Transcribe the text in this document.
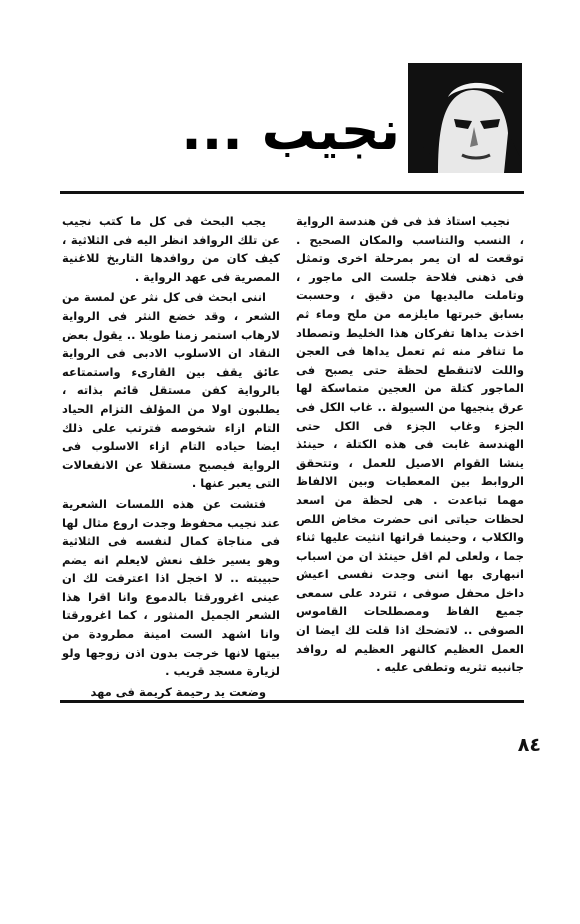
نجيب ...

نجيب استاذ فذ فى فن هندسة الرواية ، النسب والتناسب والمكان الصحيح . توقعت له ان يمر بمرحلة اخرى وتمثل فى ذهنى فلاحة جلست الى ماجور ، وتاملت ماليديها من دقيق ، وحسبت بسابق خبرتها مايلزمه من ملح وماء ثم اخذت يداها تفركان هذا الخليط وتصطاد ما تنافر منه ثم تعمل يداها فى العجن واللت لاتنقطع لحظة حتى يصبح فى الماجور كتلة من العجين متماسكة لها عرق ينجيها من السيولة .. غاب الكل فى الجزء وغاب الجزء فى الكل حتى الهندسة غابت فى هذه الكتلة ، حينئذ ينشا القوام الاصيل للعمل ، وتتحقق الروابط بين المعطيات وبين الالفاظ مهما تباعدت . هى لحظة من اسعد لحظات حياتى انى حضرت مخاض اللص والكلاب ، وحينما قراتها انثيت عليها ثناء جما ، ولعلى لم اقل حينئذ ان من اسباب انبهارى بها اننى وجدت نفسى اعيش داخل محفل صوفى ، تتردد على سمعى جميع الفاظ ومصطلحات القاموس الصوفى .. لاتضحك اذا قلت لك ايضا ان العمل العظيم كالنهر العظيم له روافد جانبيه تثريه وتطفى عليه .

يجب البحث فى كل ما كتب نجيب عن تلك الروافد انظر اليه فى الثلاثية ، كيف كان من روافدها التاريخ للاغنية المصرية فى عهد الرواية .

اننى ابحث فى كل نثر عن لمسة من الشعر ، وقد خضع النثر فى الرواية لارهاب استمر زمنا طويلا .. يقول بعض النقاد ان الاسلوب الادبى فى الرواية عائق يقف بين القارىء واستمتاعه بالرواية كفن مستقل قائم بذاته ، يطلبون اولا من المؤلف التزام الحياد التام ازاء شخوصه فترتب على ذلك ايضا حياده التام ازاء الاسلوب فى الرواية فيصبح مستقلا عن الانفعالات التى يعبر عنها .

فتشت عن هذه اللمسات الشعرية عند نجيب محفوظ وجدت اروع مثال لها فى مناجاة كمال لنفسه فى الثلاثية وهو يسير خلف نعش لايعلم انه يضم حبيبته .. لا اخجل اذا اعترفت لك ان عينى اغرورقتا بالدموع وانا اقرا هذا الشعر الجميل المنثور ، كما اغرورقتا وانا اشهد الست امينة مطرودة من بيتها لانها خرجت بدون اذن زوجها ولو لزيارة مسجد قريب .

وضعت يد رحيمة كريمة فى مهد

٨٤
